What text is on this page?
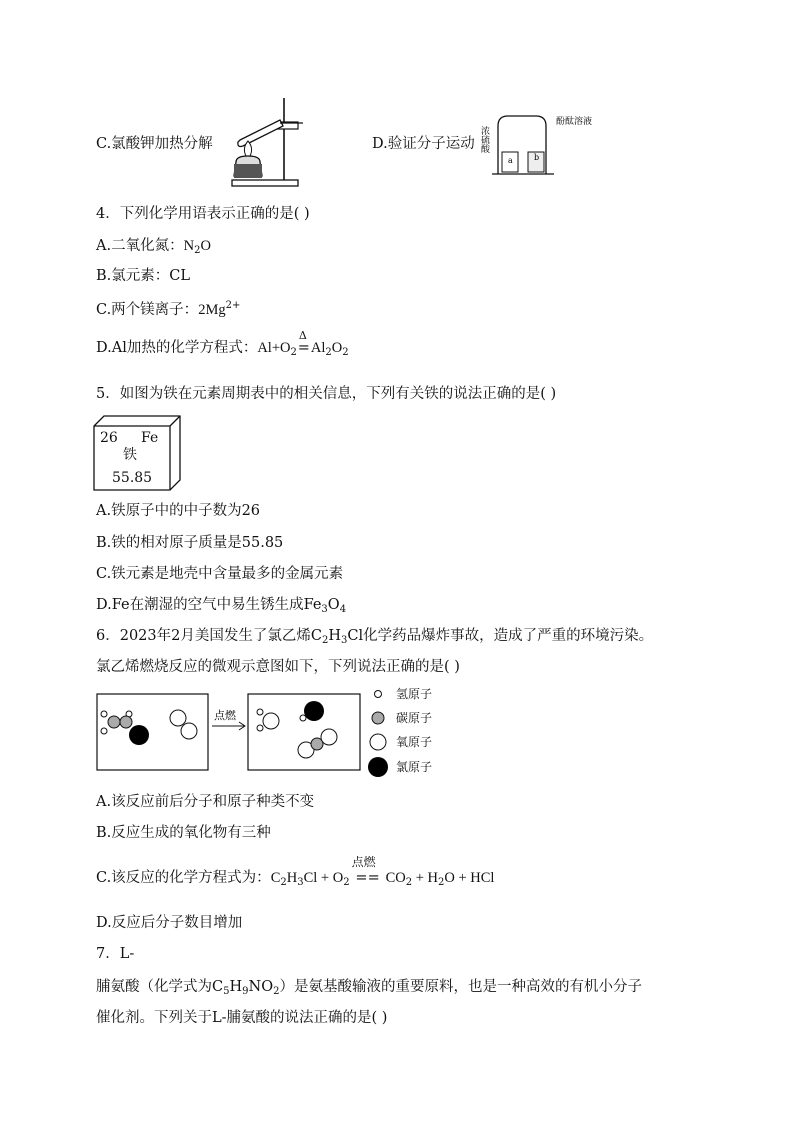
C.氯酸钾加热分解	D.验证分子运动 浓硫酸
酚酞溶液
a	b
4．下列化学用语表示正确的是( )
A.二氧化氮：$N_2O$
B.氯元素：CL
C.两个镁离子：$2Mg^{2+}$
D.Al加热的化学方程式：$Al+O_2$
Δ
$=Al_2O_2$
5．如图为铁在元素周期表中的相关信息，下列有关铁的说法正确的是( )
26 Fe
铁
55.85
A.铁原子中的中子数为26
B.铁的相对原子质量是55.85
C.铁元素是地壳中含量最多的金属元素
D.Fe在潮湿的空气中易生锈生成$Fe_3O_4$
6．2023年2月美国发生了氯乙烯$C_2H_3Cl$化学药品爆炸事故，造成了严重的环境污染。
氯乙烯燃烧反应的微观示意图如下，下列说法正确的是( )
点燃
氢原子
碳原子
氧原子
氯原子
A.该反应前后分子和原子种类不变
B.反应生成的氧化物有三种
C.该反应的化学方程式为：$C_2H_3Cl + O_2$
点燃
== $CO_2 + H_2O$ + HCl
D.反应后分子数目增加
7．L-
脯氨酸（化学式为$C_5H_9NO_2$）是氨基酸输液的重要原料，也是一种高效的有机小分子
催化剂。下列关于L-脯氨酸的说法正确的是( )
